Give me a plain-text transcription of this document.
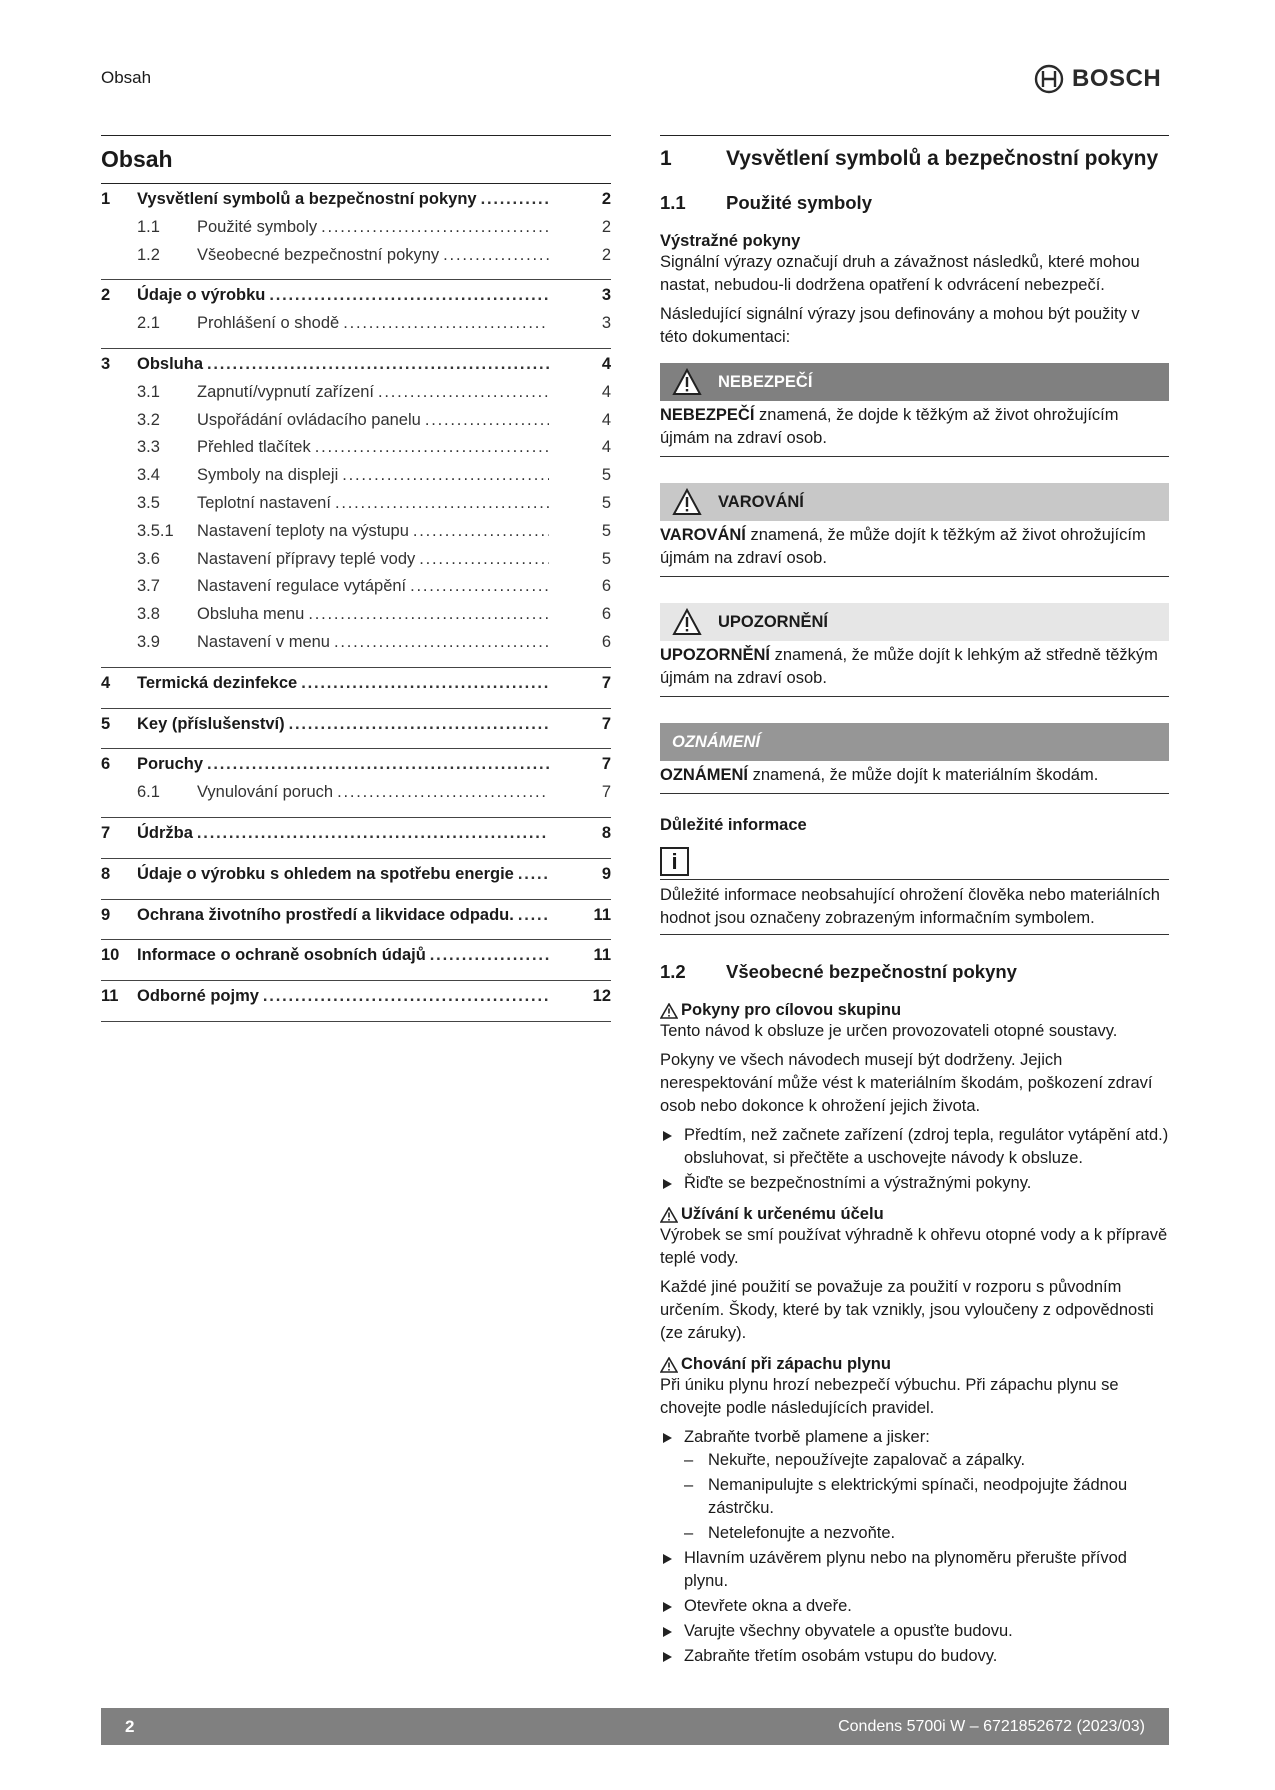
Obsah	BOSCH
Obsah
1	Vysvětlení symbolů a bezpečnostní pokyny .....	2
1.1	Použité symboly .....	2
1.2	Všeobecné bezpečnostní pokyny .....	2
2	Údaje o výrobku .....	3
2.1	Prohlášení o shodě .....	3
3	Obsluha .....	4
3.1	Zapnutí/vypnutí zařízení .....	4
3.2	Uspořádání ovládacího panelu .....	4
3.3	Přehled tlačítek .....	4
3.4	Symboly na displeji .....	5
3.5	Teplotní nastavení .....	5
3.5.1	Nastavení teploty na výstupu .....	5
3.6	Nastavení přípravy teplé vody .....	5
3.7	Nastavení regulace vytápění .....	6
3.8	Obsluha menu .....	6
3.9	Nastavení v menu .....	6
4	Termická dezinfekce .....	7
5	Key (příslušenství) .....	7
6	Poruchy .....	7
6.1	Vynulování poruch .....	7
7	Údržba .....	8
8	Údaje o výrobku s ohledem na spotřebu energie .....	9
9	Ochrana životního prostředí a likvidace odpadu. .....	11
10	Informace o ochraně osobních údajů .....	11
11	Odborné pojmy .....	12
1	Vysvětlení symbolů a bezpečnostní pokyny
1.1	Použité symboly
Výstražné pokyny

Signální výrazy označují druh a závažnost následků, které mohou nastat, nebudou-li dodržena opatření k odvrácení nebezpečí.

Následující signální výrazy jsou definovány a mohou být použity v této dokumentaci:

NEBEZPEČÍ
NEBEZPEČÍ znamená, že dojde k těžkým až život ohrožujícím újmám na zdraví osob.
VAROVÁNÍ
VAROVÁNÍ znamená, že může dojít k těžkým až život ohrožujícím újmám na zdraví osob.
UPOZORNĚNÍ
UPOZORNĚNÍ znamená, že může dojít k lehkým až středně těžkým újmám na zdraví osob.
OZNÁMENÍ
OZNÁMENÍ znamená, že může dojít k materiálním škodám.
Důležité informace
i
Důležité informace neobsahující ohrožení člověka nebo materiálních hodnot jsou označeny zobrazeným informačním symbolem.
1.2	Všeobecné bezpečnostní pokyny
Pokyny pro cílovou skupinu

Tento návod k obsluze je určen provozovateli otopné soustavy.

Pokyny ve všech návodech musejí být dodrženy. Jejich nerespektování může vést k materiálním škodám, poškození zdraví osob nebo dokonce k ohrožení jejich života.

Předtím, než začnete zařízení (zdroj tepla, regulátor vytápění atd.) obsluhovat, si přečtěte a uschovejte návody k obsluze.
Řiďte se bezpečnostními a výstražnými pokyny.
Užívání k určenému účelu

Výrobek se smí používat výhradně k ohřevu otopné vody a k přípravě teplé vody.

Každé jiné použití se považuje za použití v rozporu s původním určením. Škody, které by tak vznikly, jsou vyloučeny z odpovědnosti (ze záruky).

Chování při zápachu plynu

Při úniku plynu hrozí nebezpečí výbuchu. Při zápachu plynu se chovejte podle následujících pravidel.

Zabraňte tvorbě plamene a jisker:
– Nekuřte, nepoužívejte zapalovač a zápalky.
– Nemanipulujte s elektrickými spínači, neodpojujte žádnou zástrčku.
– Netelefonujte a nezvoňte.
Hlavním uzávěrem plynu nebo na plynoměru přerušte přívod plynu.
Otevřete okna a dveře.
Varujte všechny obyvatele a opusťte budovu.
Zabraňte třetím osobám vstupu do budovy.
2	Condens 5700i W – 6721852672 (2023/03)
